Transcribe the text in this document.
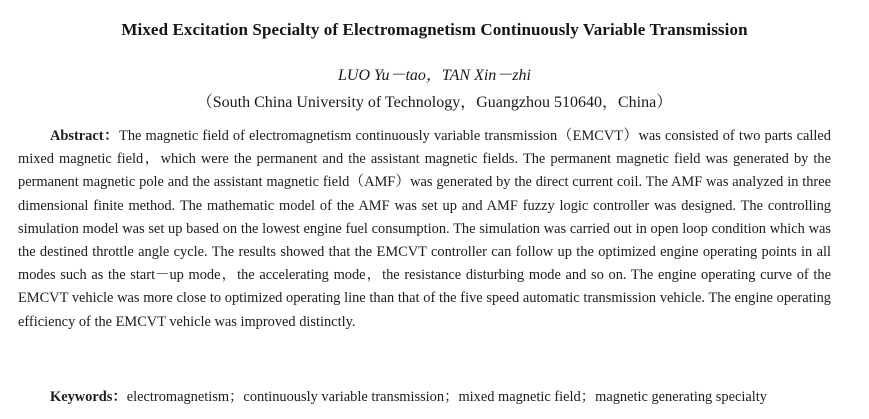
Mixed Excitation Specialty of Electromagnetism Continuously Variable Transmission
LUO Yu－tao，TAN Xin－zhi
（South China University of Technology，Guangzhou 510640，China）
Abstract：The magnetic field of electromagnetism continuously variable transmission（EMCVT）was consisted of two parts called mixed magnetic field，which were the permanent and the assistant magnetic fields. The permanent magnetic field was generated by the permanent magnetic pole and the assistant magnetic field（AMF）was generated by the direct current coil. The AMF was analyzed in three dimensional finite method. The mathematic model of the AMF was set up and AMF fuzzy logic controller was designed. The controlling simulation model was set up based on the lowest engine fuel consumption. The simulation was carried out in open loop condition which was the destined throttle angle cycle. The results showed that the EMCVT controller can follow up the optimized engine operating points in all modes such as the start－up mode，the accelerating mode，the resistance disturbing mode and so on. The engine operating curve of the EMCVT vehicle was more close to optimized operating line than that of the five speed automatic transmission vehicle. The engine operating efficiency of the EMCVT vehicle was improved distinctly.
Keywords：electromagnetism；continuously variable transmission；mixed magnetic field；magnetic generating specialty
